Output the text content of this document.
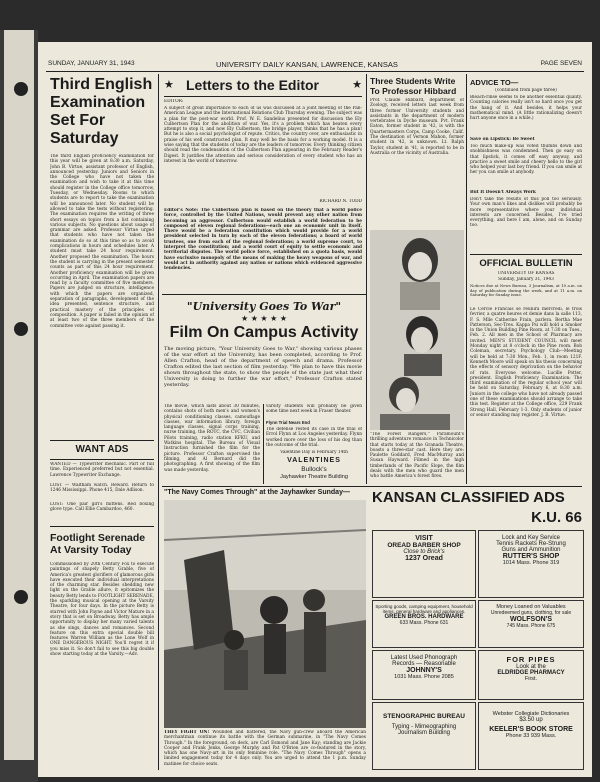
SUNDAY, JANUARY 31, 1943	UNIVERSITY DAILY KANSAN, LAWRENCE, KANSAS	PAGE SEVEN
Third English Examination Set For Saturday
The third English proficiency examination for this year will be given at 8:30 a.m. Saturday, John B. Virtue, assistant professor of English, announced yesterday. Juniors and Seniors in the College who have not taken the examination and wish to take it at this time should register in the College office tomorrow, Tuesday, or Wednesday. Rooms to which students are to report to take the examination will be announced later. No student will be allowed to take the tests without registering. The examination requires the writing of three short essays on topics from a list containing various subjects. No questions about usage of grammar are asked. Professor Virtue urged that students who have not taken the examination do so at this time so as to avoid complications in hours and schedules later. A student must take 24 hour requirement. Another proposed the examination. The hours the student is carrying in the present semester counts as part of this 24 hour requirement. Another proficiency examination will be given occurring in April. The examination papers are read by a faculty committee of five members. Papers are judged on structure, intelligence with which the papers are organized, separation of paragraphs, development of the idea presented, sentence structure, and practical mastery of the principles of composition. A paper is failed in the opinion of at least two of the three members of the committee vote against passing it.
WANT ADS
WANTED — Typewriter mechanic. Part or full time. Experienced preferred but not essential. Lawrence Typewriter Exchange.
LOST — Waltham watch. Reward. Return to 1246 Mississippi. Phone 415, Dale Adlison.
LOST: One pair girl's mittens. Red boxing glove type. Call Ellie Cambardoo, 460.
Footlight Serenade At Varsity Today
Commissioned by 20th Century Fox to execute paintings of shapely Betty Grable, five of America's greatest glorifiers of glamorous girls have executed their individual interpretations of the charming star. Besides shedding new light on the Grable allure, it epitomizes the beauty Betty lends to FOOTLIGHT SERENADE, the sparkling musical opening at the Varsity Theatre, for four days. In the picture Betty is starred with John Payne and Victor Mature in a story that is set on Broadway. Betty has ample opportunity to display her many varied talents as she sings, dances and romances. Second feature on this extra special double bill features Warren William as the Lone Wolf in ONE DANGEROUS NIGHT. You'll regret it if you miss it. So don't fail to see this big double show starting today at the Varsity.—Adv.
★ Letters to the Editor	★
EDITOR:
A subject of great importance to each of us was discussed at a joint meeting of the Pan-American League and the International Relations Club Thursday evening. The subject was a plan for the post-war world. Prof. W. E. Sandelius presented for discussion the Ely Culbertson Plan for the abolition of war. Yes, it's a problem which has beaten every attempt to stop it, and now Ely Culbertson, the bridge player, thinks that he has a plan! But he is also a social psychologist of repute. Critics, the country over, are enthusiastic in praise of his well constructed plan. It may well be the basis for a working model. It is a wise saying that the students of today are the leaders of tomorrow. Every thinking citizen should read the condensation of the Culbertson Plan appearing in the February Reader's Digest. It justifies the attention and serious consideration of every student who has an interest in the world of tomorrow.
RICHARD N. TODD
Editor's Note: The Culbertson plan is based on the theory that a world police force, controlled by the United Nations, would prevent any other nation from becoming an aggressor. Culbertson would establish a world federation to be composed of eleven regional federations—each one an economic unit in itself. There would be a federation constitution which would provide for a world president selected in turn by each of the eleven federations; a board of world trustees, one from each of the regional federations; a world supreme court, to interpret the constitution; and a world court of equity to settle economic and territorial disputes. The world police force, established on a quota basis, would have exclusive monopoly of the means of making the heavy weapons of war, and would act in authority against any nation or nations which evidenced aggressive tendencies.
"University Goes To War"
★ ★ ★ ★ ★
Film On Campus Activity
The moving picture, "Your University Goes to War," showing various phases of the war effort at the University, has been completed, according to Prof. Allen Crafton, head of the department of speech and drama. Professor Crafton edited the last section of film yesterday. "We plan to have this movie shown throughout the state, to show the people of the state just what their University is doing to further the war effort," Professor Crafton stated yesterday.
The movie, which lasts about 30 minutes, contains shots of both men's and women's physical conditioning classes, camouflage classes, war information library, foreign language classes, signal corps training, nurse training, the ROTC, the CVC, Civilian Pilots training, radio station KFKU, and Watkins hospital. The Bureau of Visual Instruction furnished the film for the picture. Professor Crafton supervised the filming, and Al Bernard did the photographing. A first showing of the film was made yesterday.
varsity students will probably be given some time next week in Fraser theater.
Flynn Trial Nears End
The defense rested its case in the trial of Errol Flynn at Los Angeles yesterday. Flynn worked more over the loss of his dog than the outcome of the trial.
Valentine Day is February 14th
VALENTINES
Bullock's
Jayhawker Theatre Building
"The Navy Comes Through" at the Jayhawker Sunday—
THEY FIGHT ON! Wounded and battered, the Navy gun-crew aboard the American merchantman continue its battle with the German submarine, in "The Navy Comes Through." In the foreground, on deck, are Carl Esmond and Jane Kay; standing are Jackie Cooper and Frank Jenks, George Murphy and Pat O'Brien are co-featured in the story, which has one Navy-art in its only feminine role. "The Navy Comes Through" opens a limited engagement today for 4 days only. You are urged to attend the 1 p.m. Sunday matinee for choice seats.
Three Students Write To Professor Hibbard
Prof. Claude Hibbard, department of Zoology, received letters last week from three former University students and assistants in the department of modern vertebrates in Dyche museum. Pvt. Frank Eaton, former student in '42, is with the Quartermasters Corps, Camp Cooke, Calif. The destination of Vernon Mahon, former student in '42, is unknown. Lt. Ralph Taylor, student in '41, is reported to be in Australia or the vicinity of Australia.
"The Forest Rangers," Paramount's thrilling adventure romance in Technicolor that starts today at the Granada Theatre, boasts a three-star cast. Here they are: Paulette Goddard, Fred MacMurray and Susan Hayward. Filmed in the high timberlands of the Pacific Slope, the film deals with the men who guard the men who battle America's forest fires.
ADVICE TO—
(continued from page three)
Bleach-rinse seems to be another essential quality. Counting calories really isn't so hard once you get the hang of it. And besides, it helps your mathematical mind. (A little rationalizing doesn't hurt anyone once in a while.)
Save on Lipstick: Be Sweet
Too much make-up was voted thumbs down and snobbishness was condemned. Then go easy on that lipstick, it comes off easy anyway, and practice a sweet smile and cheery hello to the girl who helped your last boy friend. If you can smile at her you can smile at anybody.
But It Doesn't Always Work
Don't take the results of this poll too seriously. Your own man's likes and dislikes will probably be more representative where your individual interests are concerned. Besides, I've tried everything, and here I am, alone, and on Sunday too.
OFFICIAL BULLETIN
UNIVERSITY OF KANSAS
Sunday, January 31, 1943
Notices due at News Bureau, 3 Journalism, at 10 a.m. on day of publication during the week, and at 11 a.m. on Saturday for Sunday issue.
Le Cercle Francais se reunira mercredi, le trois fevrier, a quatre heures et demie dans la salle 113, F. S. Mlle Catherine Frain, parlera. Bertha Mae Patterson, Sec-Tres. Kappa Psi will hold a Smoker in the Union Building Pine Room, at 7:30 on Tues., Feb. 2. All men in the School of Pharmacy are invited. MEN'S STUDENT COUNCIL will meet Monday night at 8 o'clock in the Pine room. Bob Coleman, secretary. Psychology Club—Meeting will be held at 7:30 Mon., Feb. 1, in room 121F. Kenneth Moore will speak on his thesis concerning the effects of sensory deprivation on the behavior of rats. Everyone welcome. Lucille Potter, president. English Proficiency Examination: The third examination of the regular school year will be held on Saturday, February 6, at 8:30 a.m. Juniors in the college who have not already passed one of these examinations should arrange to take this test. Register at the College office, 229 Frank Strong Hall, February 1-3. Only students of junior or senior standing may register. J. B. Virtue.
KANSAN CLASSIFIED ADS
K.U. 66
VISIT
OREAD BARBER SHOP
Close to Brick's
1237 Oread
Lock and Key Service
Tennis Rackets Re-Strung
Guns and Ammunition
RUTTER'S SHOP
1014 Mass. Phone 319
Sporting goods, camping equipment, household items, general hardware and appliances.
GREEN BROS. HARDWARE
633 Mass. Phone 631
Money Loaned on Valuables
Unredeemed guns, clothing, for sale
WOLFSON'S
745 Mass. Phone 675
Latest Used Phonograph
Records — Reasonable
JOHNNY'S
1031 Mass. Phone 2085
FOR PIPES
Look at the
ELDRIDGE PHARMACY
First.
STENOGRAPHIC BUREAU
Typing - Mimeographing
Journalism Building
Webster Collegiate Dictionaries
$3.50 up
KEELER'S BOOK STORE
Phone 33 939 Mass.
